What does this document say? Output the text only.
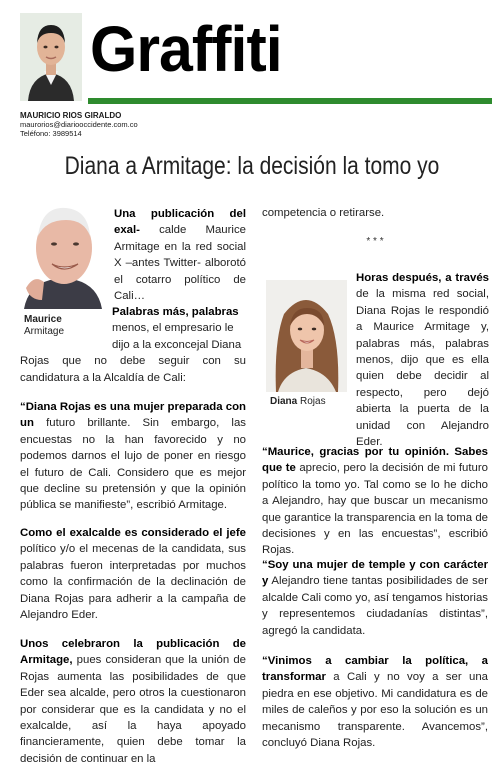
Graffiti
MAURICIO RIOS GIRALDO
maurorios@diariooccidente.com.co
Teléfono: 3989514
Diana a Armitage: la decisión la tomo yo
Maurice
Armitage
Una publicación del exal- calde Maurice Armitage en la red social X –antes Twitter- alborotó el cotarro político de Cali…
Palabras más, palabras
menos, el empresario le
dijo a la exconcejal Diana
Rojas que no debe seguir con su candidatura a la Alcaldía de Cali:
“Diana Rojas es una mujer preparada con un futuro brillante. Sin embargo, las encuestas no la han favorecido y no podemos darnos el lujo de poner en riesgo el futuro de Cali. Considero que es mejor que decline su pretensión y que la opinión pública se manifieste”, escribió Armitage.
Como el exalcalde es considerado el jefe político y/o el mecenas de la candidata, sus palabras fueron interpretadas por muchos como la confirmación de la declinación de Diana Rojas para adherir a la campaña de Alejandro Eder.
Unos celebraron la publicación de Armitage, pues consideran que la unión de Rojas aumenta las posibilidades de que Eder sea alcalde, pero otros la cuestionaron por considerar que es la candidata y no el exalcalde, así la haya apoyado financieramente, quien debe tomar la decisión de continuar en la
competencia o retirarse.
* * *
Diana Rojas
Horas después, a través de la misma red social, Diana Rojas le respondió a Maurice Armitage y, palabras más, palabras menos, dijo que es ella quien debe decidir al respecto, pero dejó abierta la puerta de la unidad con Alejandro Eder.
“Maurice, gracias por tu opinión. Sabes que te aprecio, pero la decisión de mi futuro político la tomo yo. Tal como se lo he dicho a Alejandro, hay que buscar un mecanismo que garantice la transparencia en la toma de decisiones y en las encuestas”, escribió Rojas.
“Soy una mujer de temple y con carácter y Alejandro tiene tantas posibilidades de ser alcalde Cali como yo, así tengamos historias y representemos ciudadanías distintas”, agregó la candidata.
“Vinimos a cambiar la política, a transformar a Cali y no voy a ser una piedra en ese objetivo. Mi candidatura es de miles de caleños y por eso la solución es un mecanismo transparente. Avancemos”, concluyó Diana Rojas.
